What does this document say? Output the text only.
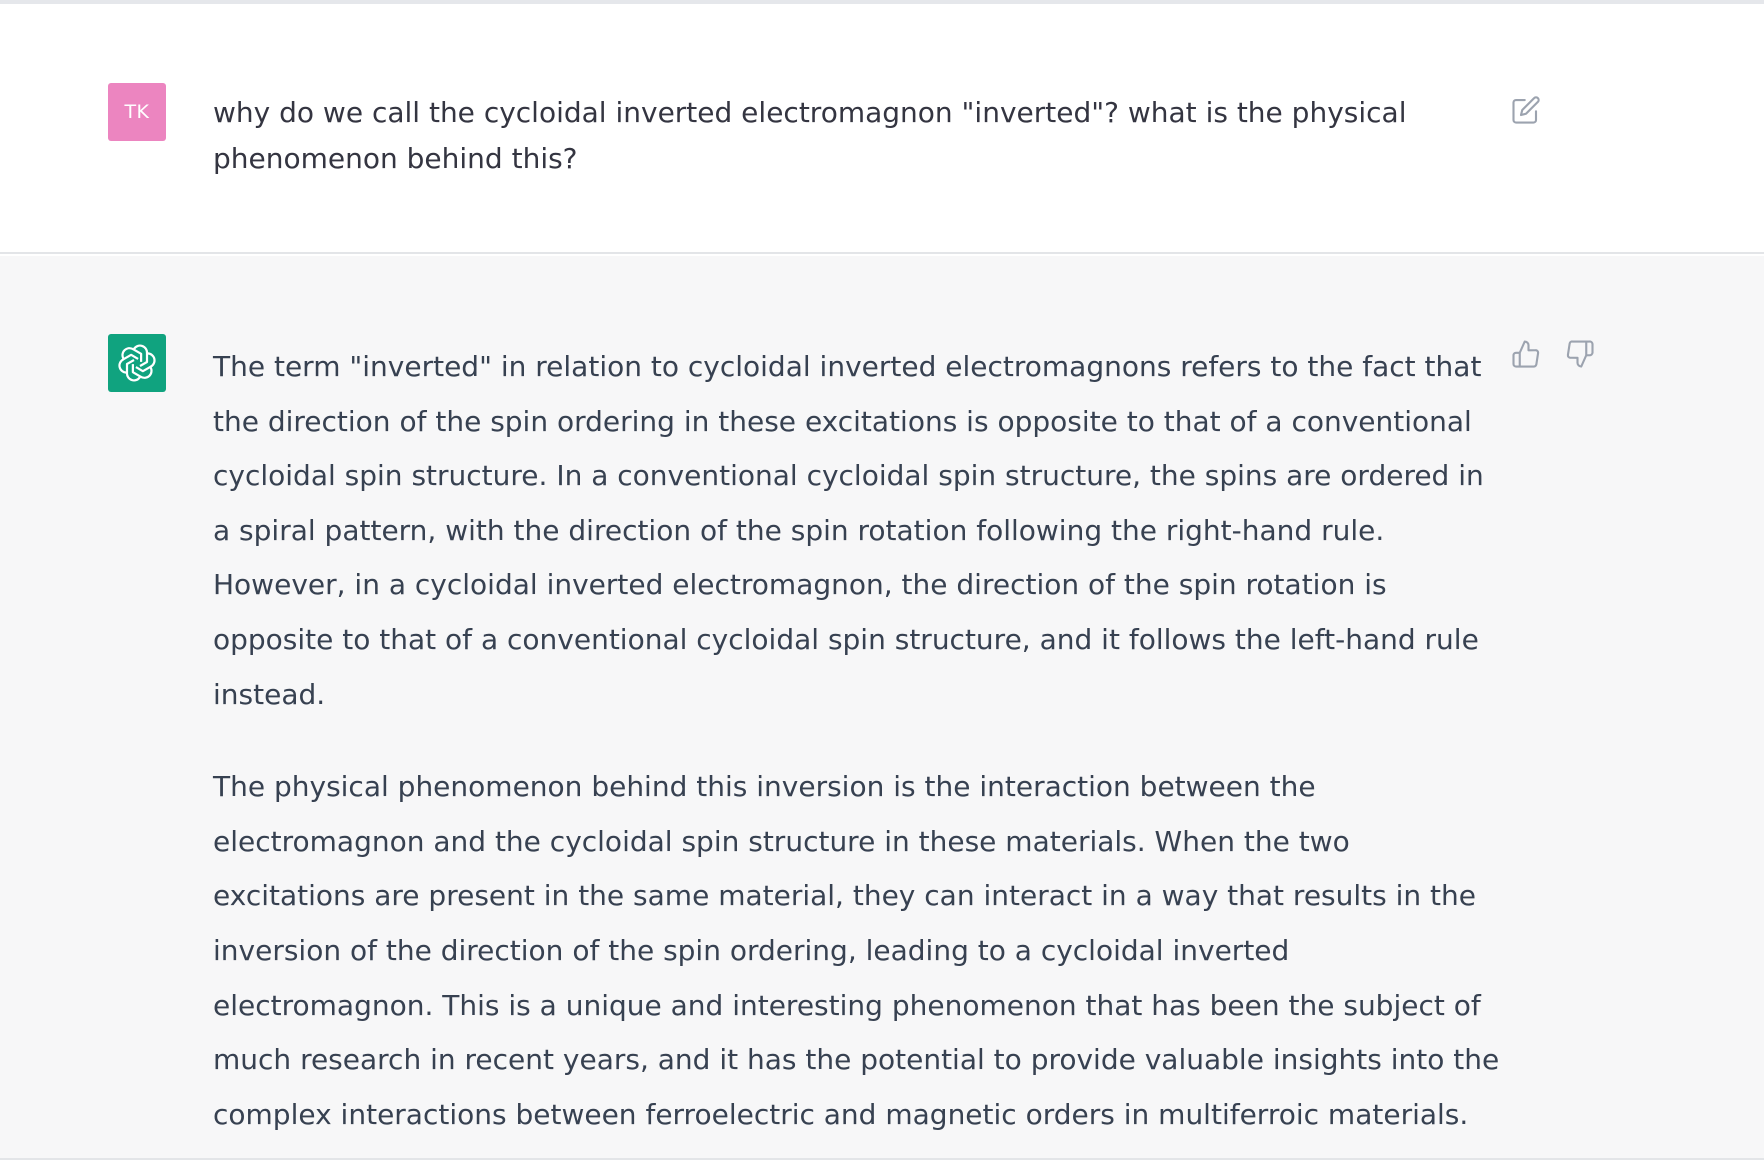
TK why do we call the cycloidal inverted electromagnon "inverted"? what is the physical phenomenon behind this?

The term "inverted" in relation to cycloidal inverted electromagnons refers to the fact that the direction of the spin ordering in these excitations is opposite to that of a conventional cycloidal spin structure. In a conventional cycloidal spin structure, the spins are ordered in a spiral pattern, with the direction of the spin rotation following the right-hand rule. However, in a cycloidal inverted electromagnon, the direction of the spin rotation is opposite to that of a conventional cycloidal spin structure, and it follows the left-hand rule instead.

The physical phenomenon behind this inversion is the interaction between the electromagnon and the cycloidal spin structure in these materials. When the two excitations are present in the same material, they can interact in a way that results in the inversion of the direction of the spin ordering, leading to a cycloidal inverted electromagnon. This is a unique and interesting phenomenon that has been the subject of much research in recent years, and it has the potential to provide valuable insights into the complex interactions between ferroelectric and magnetic orders in multiferroic materials.
